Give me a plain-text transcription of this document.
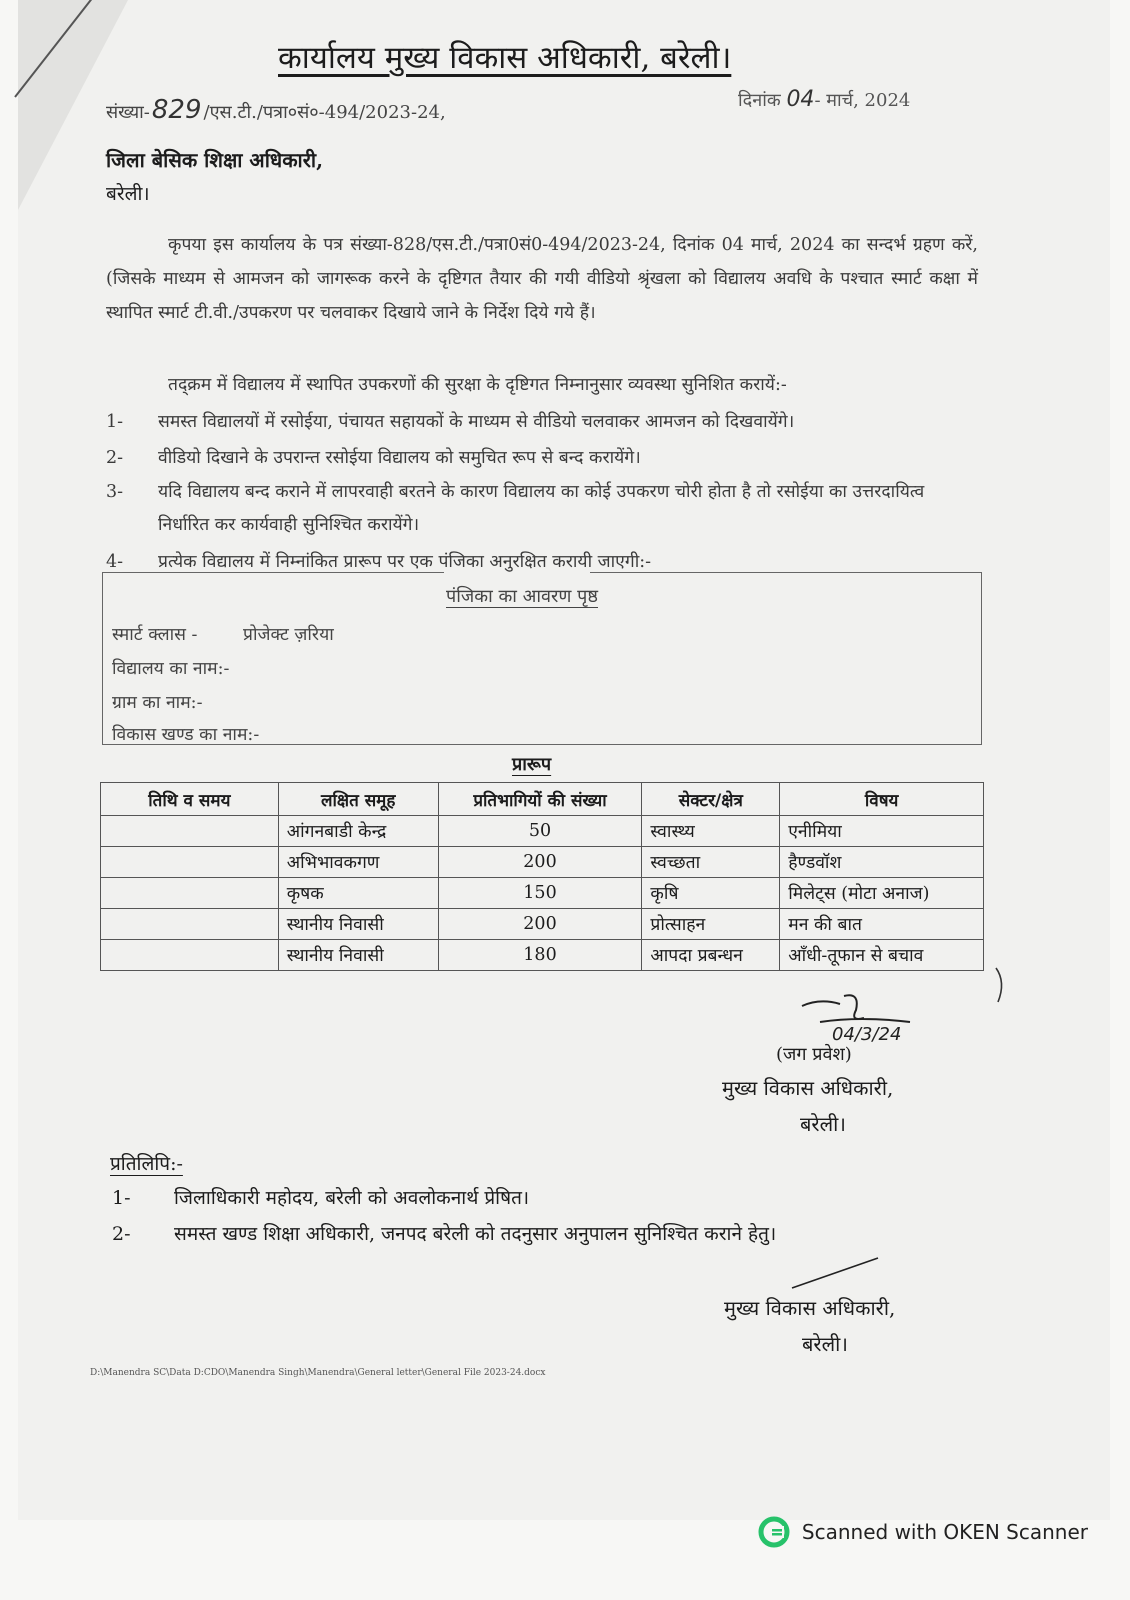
कार्यालय मुख्य विकास अधिकारी, बरेली।
संख्या-829 /एस.टी./पत्रा०सं०-494/2023-24,
दिनांक 04- मार्च, 2024
जिला बेसिक शिक्षा अधिकारी,
बरेली।
कृपया इस कार्यालय के पत्र संख्या-828/एस.टी./पत्रा0सं0-494/2023-24, दिनांक 04 मार्च, 2024 का सन्दर्भ ग्रहण करें, (जिसके माध्यम से आमजन को जागरूक करने के दृष्टिगत तैयार की गयी वीडियो श्रृंखला को विद्यालय अवधि के पश्चात स्मार्ट कक्षा में स्थापित स्मार्ट टी.वी./उपकरण पर चलवाकर दिखाये जाने के निर्देश दिये गये हैं।
तद्क्रम में विद्यालय में स्थापित उपकरणों की सुरक्षा के दृष्टिगत निम्नानुसार व्यवस्था सुनिशित करायें:-
1-	समस्त विद्यालयों में रसोईया, पंचायत सहायकों के माध्यम से वीडियो चलवाकर आमजन को दिखवायेंगे।
2-	वीडियो दिखाने के उपरान्त रसोईया विद्यालय को समुचित रूप से बन्द करायेंगे।
3-	यदि विद्यालय बन्द कराने में लापरवाही बरतने के कारण विद्यालय का कोई उपकरण चोरी होता है तो रसोईया का उत्तरदायित्व निर्धारित कर कार्यवाही सुनिश्चित करायेंगे।
4-	प्रत्येक विद्यालय में निम्नांकित प्रारूप पर एक पंजिका अनुरक्षित करायी जाएगी:-
पंजिका का आवरण पृष्ठ
स्मार्ट क्लास -	प्रोजेक्ट ज़रिया
विद्यालय का नाम:-
ग्राम का नाम:-
विकास खण्ड का नाम:-
प्रारूप
तिथि व समय	लक्षित समूह	प्रतिभागियों की संख्या	सेक्टर/क्षेत्र	विषय
	आंगनबाडी केन्द्र	50	स्वास्थ्य	एनीमिया
	अभिभावकगण	200	स्वच्छता	हैण्डवॉश
	कृषक	150	कृषि	मिलेट्स (मोटा अनाज)
	स्थानीय निवासी	200	प्रोत्साहन	मन की बात
	स्थानीय निवासी	180	आपदा प्रबन्धन	आँधी-तूफान से बचाव
04/3/24
(जग प्रवेश)
मुख्य विकास अधिकारी,
बरेली।
प्रतिलिपि:-
1- जिलाधिकारी महोदय, बरेली को अवलोकनार्थ प्रेषित।
2- समस्त खण्ड शिक्षा अधिकारी, जनपद बरेली को तदनुसार अनुपालन सुनिश्चित कराने हेतु।
मुख्य विकास अधिकारी,
बरेली।
D:\Manendra SC\Data D:CDO\Manendra Singh\Manendra\General letter\General File 2023-24.docx
Scanned with OKEN Scanner
